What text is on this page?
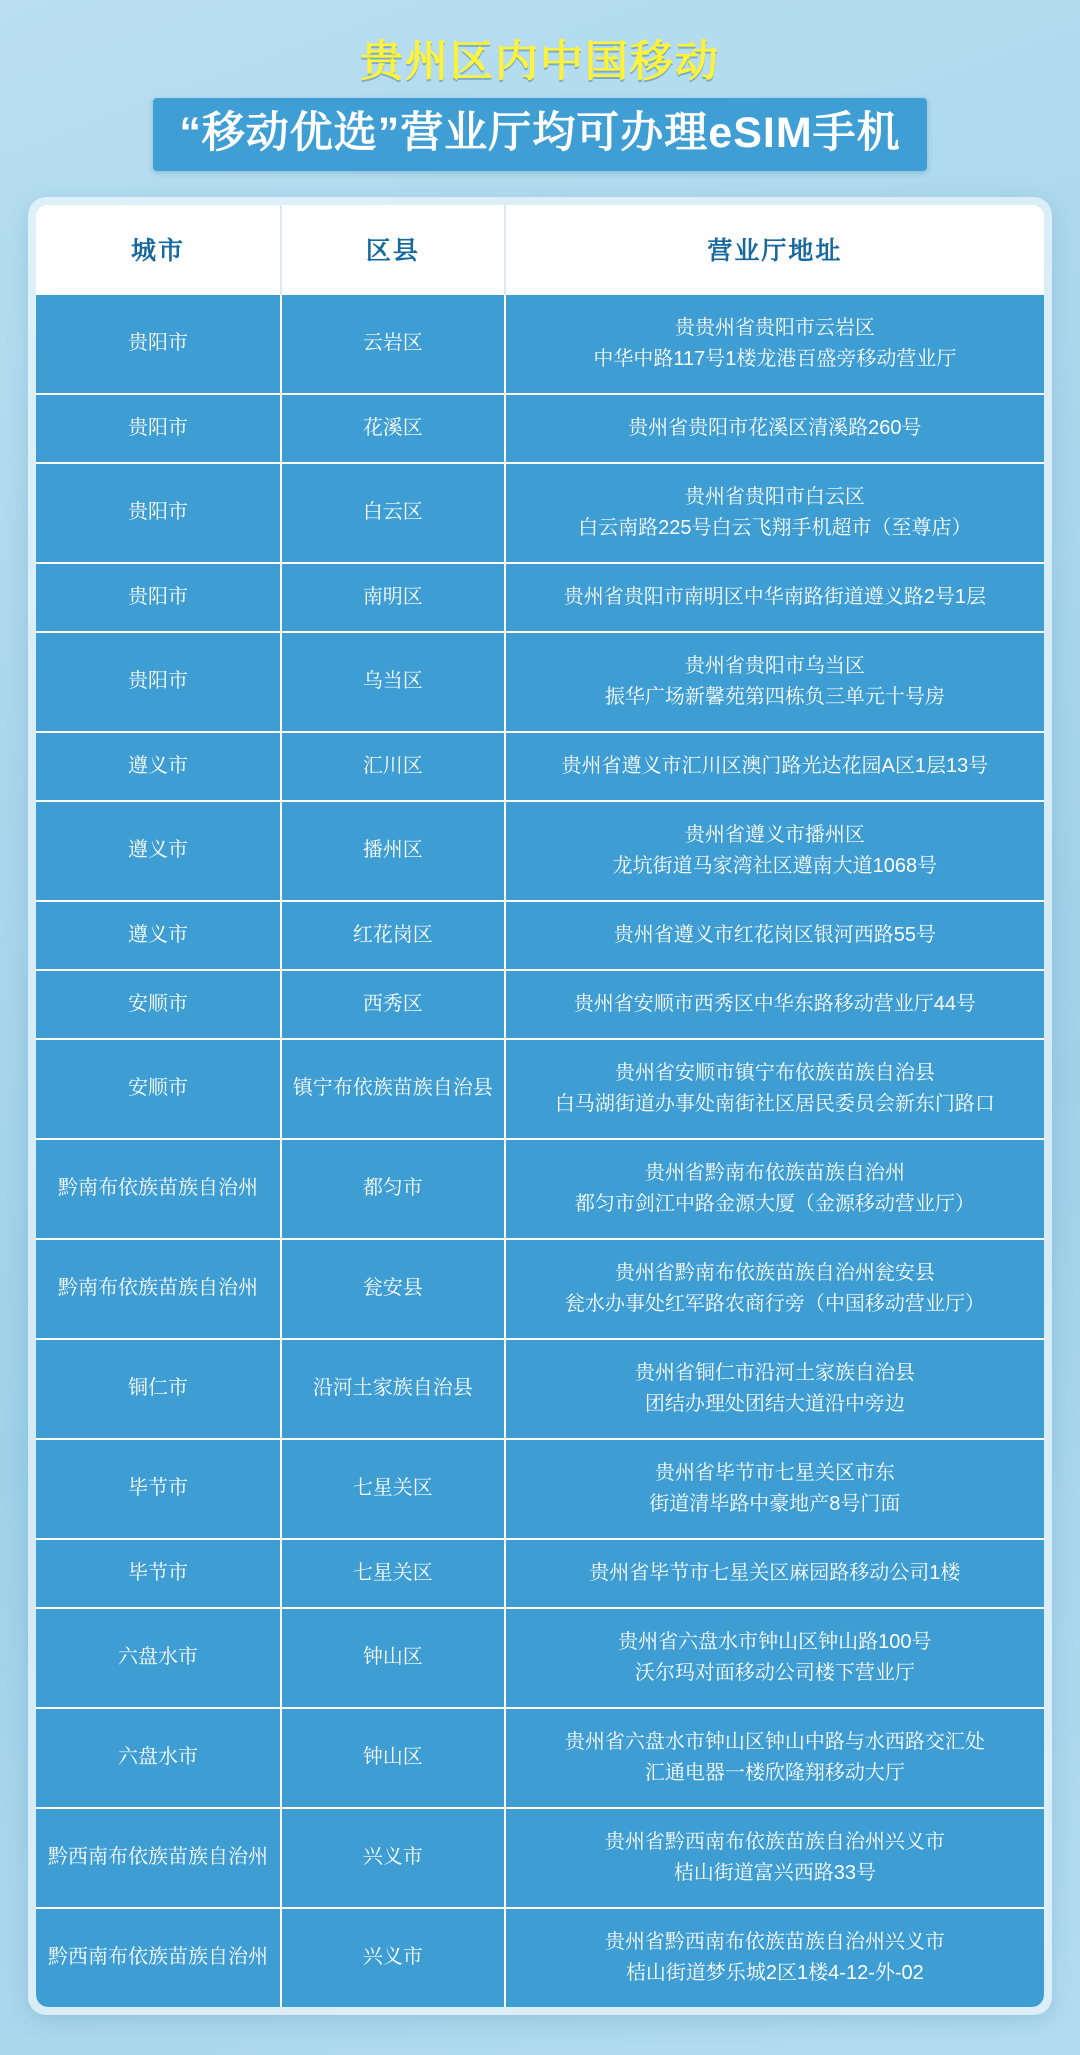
贵州区内中国移动
“移动优选”营业厅均可办理eSIM手机
城市	区县	营业厅地址
贵阳市	云岩区	贵贵州省贵阳市云岩区
中华中路117号1楼龙港百盛旁移动营业厅

贵阳市	花溪区	贵州省贵阳市花溪区清溪路260号

贵阳市	白云区	贵州省贵阳市白云区
白云南路225号白云飞翔手机超市（至尊店）

贵阳市	南明区	贵州省贵阳市南明区中华南路街道遵义路2号1层

贵阳市	乌当区	贵州省贵阳市乌当区
振华广场新馨苑第四栋负三单元十号房

遵义市	汇川区	贵州省遵义市汇川区澳门路光达花园A区1层13号

遵义市	播州区	贵州省遵义市播州区
龙坑街道马家湾社区遵南大道1068号

遵义市	红花岗区	贵州省遵义市红花岗区银河西路55号

安顺市	西秀区	贵州省安顺市西秀区中华东路移动营业厅44号

安顺市	镇宁布依族苗族自治县	贵州省安顺市镇宁布依族苗族自治县
白马湖街道办事处南街社区居民委员会新东门路口

黔南布依族苗族自治州	都匀市	贵州省黔南布依族苗族自治州
都匀市剑江中路金源大厦（金源移动营业厅）

黔南布依族苗族自治州	瓮安县	贵州省黔南布依族苗族自治州瓮安县
瓮水办事处红军路农商行旁（中国移动营业厅）

铜仁市	沿河土家族自治县	贵州省铜仁市沿河土家族自治县
团结办理处团结大道沿中旁边

毕节市	七星关区	贵州省毕节市七星关区市东
街道清毕路中豪地产8号门面

毕节市	七星关区	贵州省毕节市七星关区麻园路移动公司1楼

六盘水市	钟山区	贵州省六盘水市钟山区钟山路100号
沃尔玛对面移动公司楼下营业厅

六盘水市	钟山区	贵州省六盘水市钟山区钟山中路与水西路交汇处
汇通电器一楼欣隆翔移动大厅

黔西南布依族苗族自治州	兴义市	贵州省黔西南布依族苗族自治州兴义市
桔山街道富兴西路33号

黔西南布依族苗族自治州	兴义市	贵州省黔西南布依族苗族自治州兴义市
桔山街道梦乐城2区1楼4-12-外-02
